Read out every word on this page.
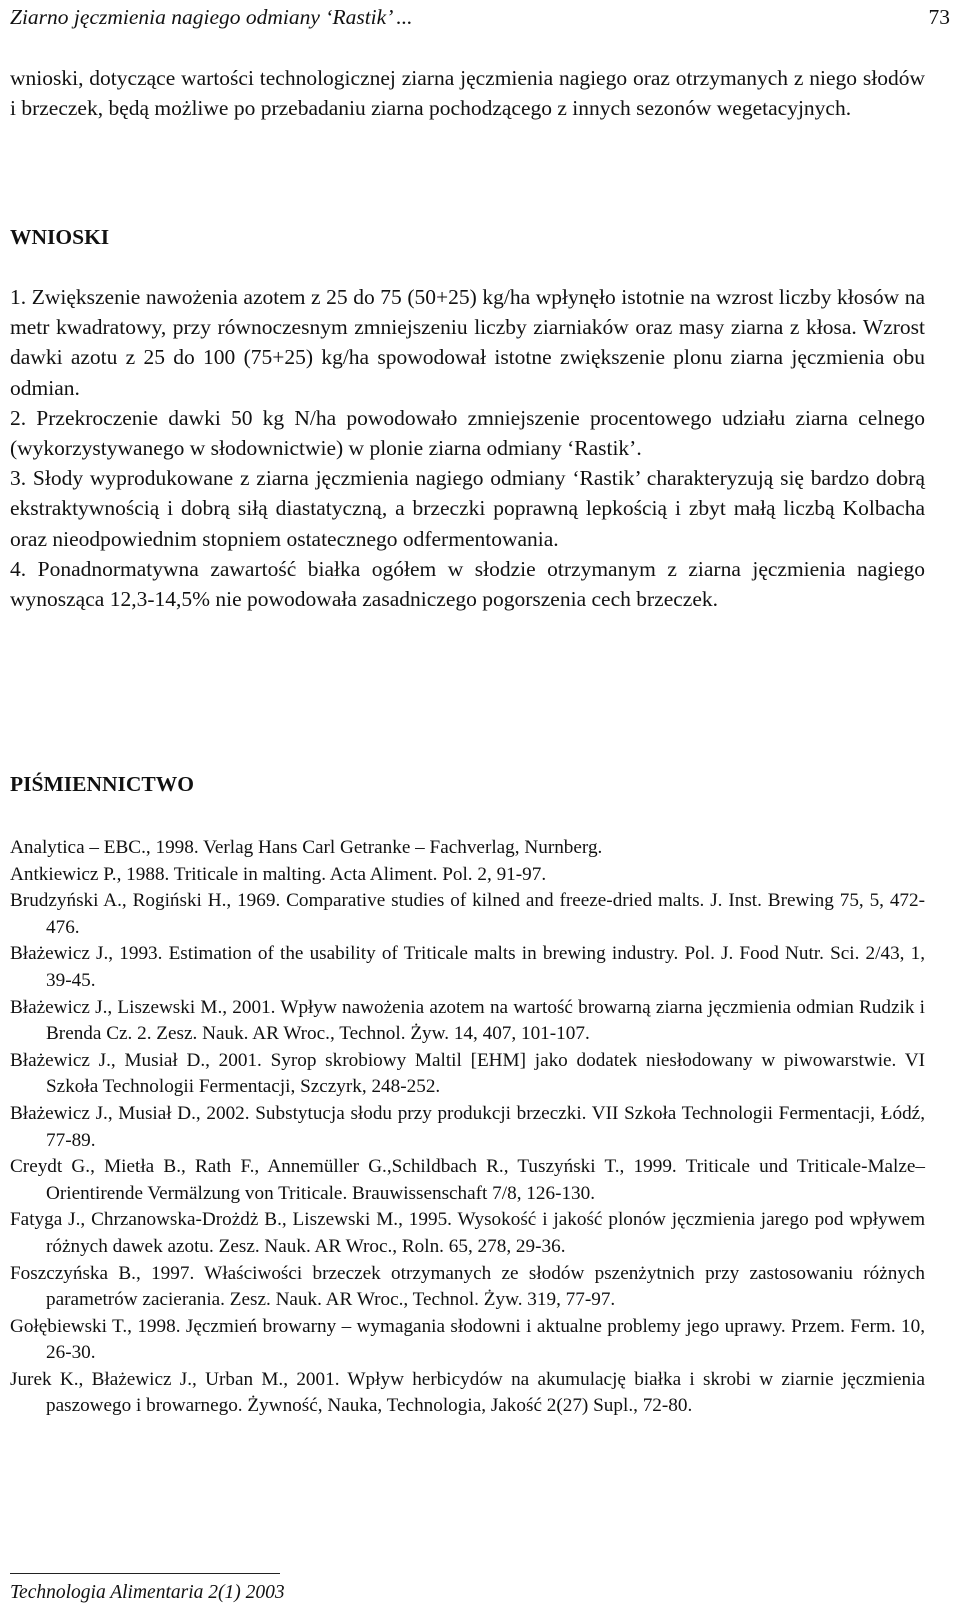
Ziarno jęczmienia nagiego odmiany ‘Rastik’ ...	73

wnioski, dotyczące wartości technologicznej ziarna jęczmienia nagiego oraz otrzymanych z niego słodów i brzeczek, będą możliwe po przebadaniu ziarna pochodzącego z innych sezonów wegetacyjnych.

WNIOSKI

1. Zwiększenie nawożenia azotem z 25 do 75 (50+25) kg/ha wpłynęło istotnie na wzrost liczby kłosów na metr kwadratowy, przy równoczesnym zmniejszeniu liczby ziarniaków oraz masy ziarna z kłosa. Wzrost dawki azotu z 25 do 100 (75+25) kg/ha spowodował istotne zwiększenie plonu ziarna jęczmienia obu odmian.

2. Przekroczenie dawki 50 kg N/ha powodowało zmniejszenie procentowego udziału ziarna celnego (wykorzystywanego w słodownictwie) w plonie ziarna odmiany ‘Rastik’.

3. Słody wyprodukowane z ziarna jęczmienia nagiego odmiany ‘Rastik’ charakteryzują się bardzo dobrą ekstraktywnością i dobrą siłą diastatyczną, a brzeczki poprawną lepkością i zbyt małą liczbą Kolbacha oraz nieodpowiednim stopniem ostatecznego odfermentowania.

4. Ponadnormatywna zawartość białka ogółem w słodzie otrzymanym z ziarna jęczmienia nagiego wynosząca 12,3-14,5% nie powodowała zasadniczego pogorszenia cech brzeczek.

PIŚMIENNICTWO
Analytica – EBC., 1998. Verlag Hans Carl Getranke – Fachverlag, Nurnberg.
Antkiewicz P., 1988. Triticale in malting. Acta Aliment. Pol. 2, 91-97.
Brudzyński A., Rogiński H., 1969. Comparative studies of kilned and freeze-dried malts. J. Inst. Brewing 75, 5, 472-476.
Błażewicz J., 1993. Estimation of the usability of Triticale malts in brewing industry. Pol. J. Food Nutr. Sci. 2/43, 1, 39-45.
Błażewicz J., Liszewski M., 2001. Wpływ nawożenia azotem na wartość browarną ziarna jęczmienia odmian Rudzik i Brenda Cz. 2. Zesz. Nauk. AR Wroc., Technol. Żyw. 14, 407, 101-107.
Błażewicz J., Musiał D., 2001. Syrop skrobiowy Maltil [EHM] jako dodatek niesłodowany w piwowarstwie. VI Szkoła Technologii Fermentacji, Szczyrk, 248-252.
Błażewicz J., Musiał D., 2002. Substytucja słodu przy produkcji brzeczki. VII Szkoła Technologii Fermentacji, Łódź, 77-89.
Creydt G., Mietła B., Rath F., Annemüller G.,Schildbach R., Tuszyński T., 1999. Triticale und Triticale-Malze–Orientirende Vermälzung von Triticale. Brauwissenschaft 7/8, 126-130.
Fatyga J., Chrzanowska-Drożdż B., Liszewski M., 1995. Wysokość i jakość plonów jęczmienia jarego pod wpływem różnych dawek azotu. Zesz. Nauk. AR Wroc., Roln. 65, 278, 29-36.
Foszczyńska B., 1997. Właściwości brzeczek otrzymanych ze słodów pszenżytnich przy zastosowaniu różnych parametrów zacierania. Zesz. Nauk. AR Wroc., Technol. Żyw. 319, 77-97.
Gołębiewski T., 1998. Jęczmień browarny – wymagania słodowni i aktualne problemy jego uprawy. Przem. Ferm. 10, 26-30.
Jurek K., Błażewicz J., Urban M., 2001. Wpływ herbicydów na akumulację białka i skrobi w ziarnie jęczmienia paszowego i browarnego. Żywność, Nauka, Technologia, Jakość 2(27) Supl., 72-80.
Technologia Alimentaria 2(1) 2003
